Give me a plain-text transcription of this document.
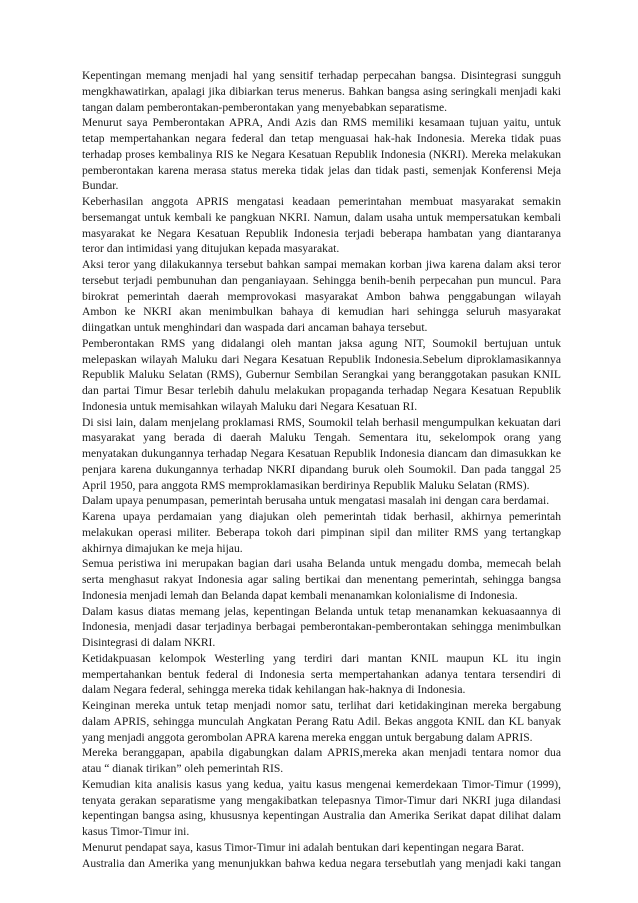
Kepentingan memang menjadi hal yang sensitif terhadap perpecahan bangsa. Disintegrasi sungguh
mengkhawatirkan, apalagi jika dibiarkan terus menerus. Bahkan bangsa asing seringkali menjadi kaki
tangan dalam pemberontakan-pemberontakan yang menyebabkan separatisme.
Menurut saya Pemberontakan APRA, Andi Azis dan RMS memiliki kesamaan tujuan yaitu, untuk
tetap mempertahankan negara federal dan tetap menguasai hak-hak Indonesia. Mereka tidak puas
terhadap proses kembalinya RIS ke Negara Kesatuan Republik Indonesia (NKRI). Mereka melakukan
pemberontakan karena merasa status mereka tidak jelas dan tidak pasti, semenjak Konferensi Meja
Bundar.
Keberhasilan anggota APRIS mengatasi keadaan pemerintahan membuat masyarakat semakin
bersemangat untuk kembali ke pangkuan NKRI. Namun, dalam usaha untuk mempersatukan kembali
masyarakat ke Negara Kesatuan Republik Indonesia terjadi beberapa hambatan yang diantaranya
teror dan intimidasi yang ditujukan kepada masyarakat.
Aksi teror yang dilakukannya tersebut bahkan sampai memakan korban jiwa karena dalam aksi teror
tersebut terjadi pembunuhan dan penganiayaan. Sehingga benih-benih perpecahan pun muncul. Para
birokrat pemerintah daerah memprovokasi masyarakat Ambon bahwa penggabungan wilayah
Ambon ke NKRI akan menimbulkan bahaya di kemudian hari sehingga seluruh masyarakat
diingatkan untuk menghindari dan waspada dari ancaman bahaya tersebut.
Pemberontakan RMS yang didalangi oleh mantan jaksa agung NIT, Soumokil bertujuan untuk
melepaskan wilayah Maluku dari Negara Kesatuan Republik Indonesia.Sebelum diproklamasikannya
Republik Maluku Selatan (RMS), Gubernur Sembilan Serangkai yang beranggotakan pasukan KNIL
dan partai Timur Besar terlebih dahulu melakukan propaganda terhadap Negara Kesatuan Republik
Indonesia untuk memisahkan wilayah Maluku dari Negara Kesatuan RI.
Di sisi lain, dalam menjelang proklamasi RMS, Soumokil telah berhasil mengumpulkan kekuatan dari
masyarakat yang berada di daerah Maluku Tengah. Sementara itu, sekelompok orang yang
menyatakan dukungannya terhadap Negara Kesatuan Republik Indonesia diancam dan dimasukkan ke
penjara karena dukungannya terhadap NKRI dipandang buruk oleh Soumokil. Dan pada tanggal 25
April 1950, para anggota RMS memproklamasikan berdirinya Republik Maluku Selatan (RMS).
Dalam upaya penumpasan, pemerintah berusaha untuk mengatasi masalah ini dengan cara berdamai.
Karena upaya perdamaian yang diajukan oleh pemerintah tidak berhasil, akhirnya pemerintah
melakukan operasi militer. Beberapa tokoh dari pimpinan sipil dan militer RMS yang tertangkap
akhirnya dimajukan ke meja hijau.
Semua peristiwa ini merupakan bagian dari usaha Belanda untuk mengadu domba, memecah belah
serta menghasut rakyat Indonesia agar saling bertikai dan menentang pemerintah, sehingga bangsa
Indonesia menjadi lemah dan Belanda dapat kembali menanamkan kolonialisme di Indonesia.
Dalam kasus diatas memang jelas, kepentingan Belanda untuk tetap menanamkan kekuasaannya di
Indonesia, menjadi dasar terjadinya berbagai pemberontakan-pemberontakan sehingga menimbulkan
Disintegrasi di dalam NKRI.
Ketidakpuasan kelompok Westerling yang terdiri dari mantan KNIL maupun KL itu ingin
mempertahankan bentuk federal di Indonesia serta mempertahankan adanya tentara tersendiri di
dalam Negara federal, sehingga mereka tidak kehilangan hak-haknya di Indonesia.
Keinginan mereka untuk tetap menjadi nomor satu, terlihat dari ketidakinginan mereka bergabung
dalam APRIS, sehingga munculah Angkatan Perang Ratu Adil. Bekas anggota KNIL dan KL banyak
yang menjadi anggota gerombolan APRA karena mereka enggan untuk bergabung dalam APRIS.
Mereka beranggapan, apabila digabungkan dalam APRIS,mereka akan menjadi tentara nomor dua
atau “ dianak tirikan” oleh pemerintah RIS.
Kemudian kita analisis kasus yang kedua, yaitu kasus mengenai kemerdekaan Timor-Timur (1999),
tenyata gerakan separatisme yang mengakibatkan telepasnya Timor-Timur dari NKRI juga dilandasi
kepentingan bangsa asing, khususnya kepentingan Australia dan Amerika Serikat dapat dilihat dalam
kasus Timor-Timur ini.
Menurut pendapat saya, kasus Timor-Timur ini adalah bentukan dari kepentingan negara Barat.
Australia dan Amerika yang menunjukkan bahwa kedua negara tersebutlah yang menjadi kaki tangan
